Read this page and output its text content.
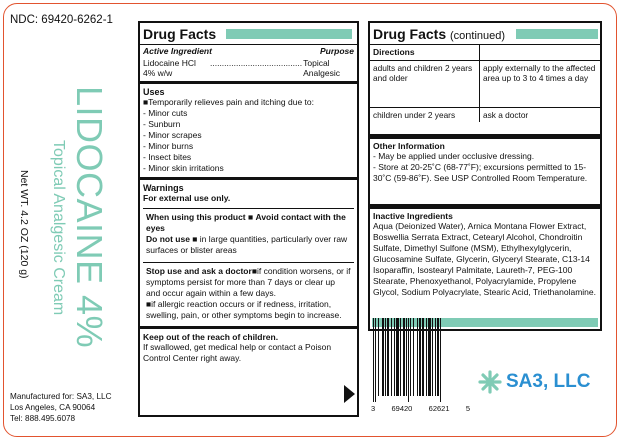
NDC: 69420-6262-1
LIDOCAINE 4%
Topical Analgesic Cream
Net WT. 4.2 OZ (120 g)
Manufactured for: SA3, LLC
Los Angeles, CA 90064
Tel: 888.495.6078
Drug Facts
Active Ingredient	Purpose
Lidocaine HCl 4% w/w
....................................... Topical Analgesic
Uses
■Temporarily relieves pain and itching due to:
- Minor cuts
- Sunburn
- Minor scrapes
- Minor burns
- Insect bites
- Minor skin irritations
Warnings
For external use only.
When using this product ■ Avoid contact with the eyes
Do not use ■ in large quantities, particularly over raw surfaces or blister areas
Stop use and ask a doctor■if condition worsens, or if symptoms persist for more than 7 days or clear up and occur again within a few days.
■if allergic reaction occurs or if redness, irritation, swelling, pain, or other symptoms begin to increase.
Keep out of the reach of children.
If swallowed, get medical help or contact a Poison Control Center right away.
Drug Facts (continued)
Directions	
adults and children 2 years and older	apply externally to the affected area up to 3 to 4 times a day
children under 2 years	ask a doctor
Other Information
- May be applied under occlusive dressing.
- Store at 20-25˚C (68-77˚F); excursions permitted to 15-30˚C (59-86˚F). See USP Controlled Room Temperature.
Inactive Ingredients
Aqua (Deionized Water), Arnica Montana Flower Extract, Boswellia Serrata Extract, Cetearyl Alcohol, Chondroitin Sulfate, Dimethyl Sulfone (MSM), Ethylhexylglycerin, Glucosamine Sulfate, Glycerin, Glyceryl Stearate, C13-14 Isoparaffin, Isostearyl Palmitate, Laureth-7, PEG-100 Stearate, Phenoxyethanol, Polyacrylamide, Propylene Glycol, Sodium Polyacrylate, Stearic Acid, Triethanolamine.
3 69420 62621 5
SA3, LLC
